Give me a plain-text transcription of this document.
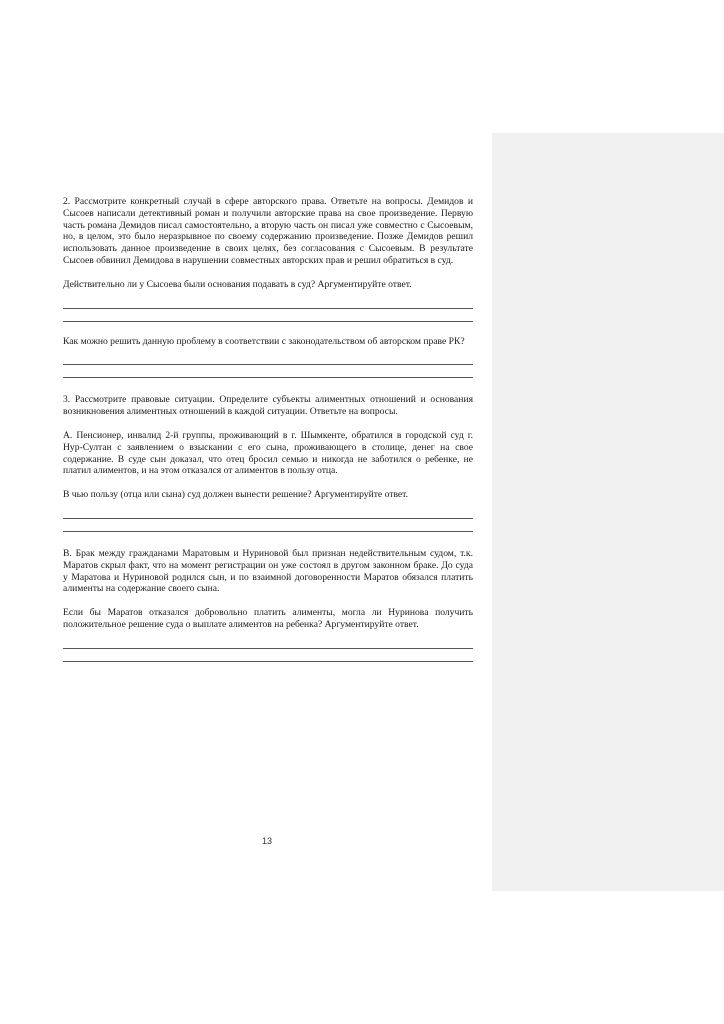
2. Рассмотрите конкретный случай в сфере авторского права. Ответьте на вопросы. Демидов и Сысоев написали детективный роман и получили авторские права на свое произведение. Первую часть романа Демидов писал самостоятельно, а вторую часть он писал уже совместно с Сысоевым, но, в целом, это было неразрывное по своему содержанию произведение. Позже Демидов решил использовать данное произведение в своих целях, без согласования с Сысоевым. В результате Сысоев обвинил Демидова в нарушении совместных авторских прав и решил обратиться в суд.

Действительно ли у Сысоева были основания подавать в суд? Аргументируйте ответ.

Как можно решить данную проблему в соответствии с законодательством об авторском праве РК?

3. Рассмотрите правовые ситуации. Определите субъекты алиментных отношений и основания возникновения алиментных отношений в каждой ситуации. Ответьте на вопросы.

А. Пенсионер, инвалид 2-й группы, проживающий в г. Шымкенте, обратился в городской суд г. Нур-Султан с заявлением о взыскании с его сына, проживающего в столице, денег на свое содержание. В суде сын доказал, что отец бросил семью и никогда не заботился о ребенке, не платил алиментов, и на этом отказался от алиментов в пользу отца.

В чью пользу (отца или сына) суд должен вынести решение? Аргументируйте ответ.

В. Брак между гражданами Маратовым и Нуриновой был признан недействительным судом, т.к. Маратов скрыл факт, что на момент регистрации он уже состоял в другом законном браке. До суда у Маратова и Нуриновой родился сын, и по взаимной договоренности Маратов обязался платить алименты на содержание своего сына.

Если бы Маратов отказался добровольно платить алименты, могла ли Нуринова получить положительное решение суда о выплате алиментов на ребенка? Аргументируйте ответ.

13
